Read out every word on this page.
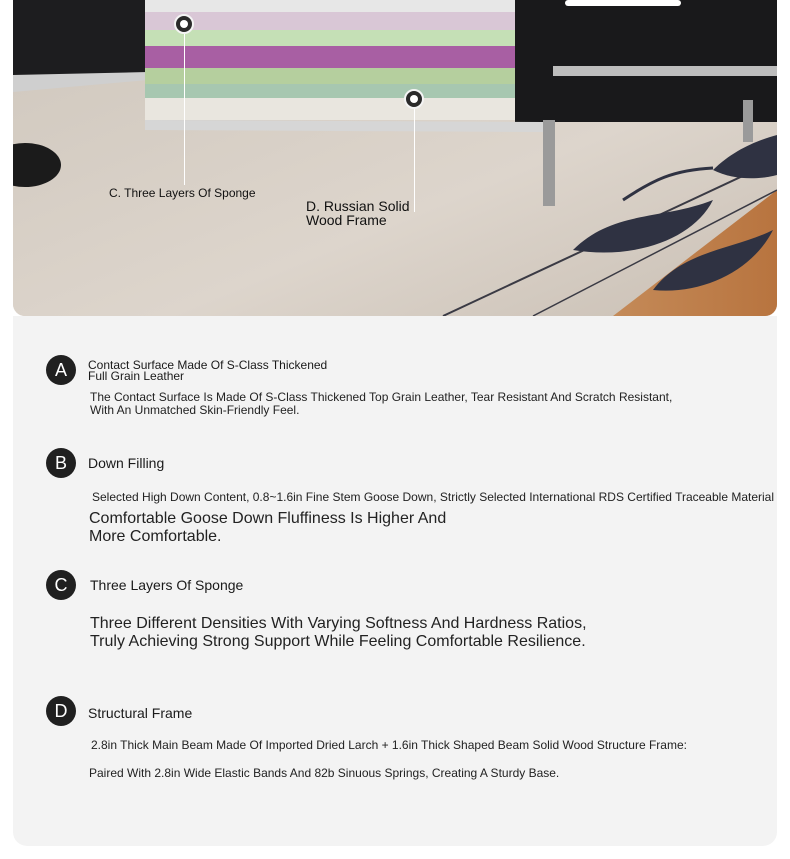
C. Three Layers Of Sponge
D. Russian Solid
Wood Frame
A	Contact Surface Made Of S-Class Thickened
Full Grain Leather
The Contact Surface Is Made Of S-Class Thickened Top Grain Leather, Tear Resistant And Scratch Resistant,
With An Unmatched Skin-Friendly Feel.
B	Down Filling
Selected High Down Content, 0.8~1.6in Fine Stem Goose Down, Strictly Selected International RDS Certified Traceable Material
Comfortable Goose Down Fluffiness Is Higher And
More Comfortable.
C	Three Layers Of Sponge
Three Different Densities With Varying Softness And Hardness Ratios,
Truly Achieving Strong Support While Feeling Comfortable Resilience.
D	Structural Frame
2.8in Thick Main Beam Made Of Imported Dried Larch + 1.6in Thick Shaped Beam Solid Wood Structure Frame:
Paired With 2.8in Wide Elastic Bands And 82b Sinuous Springs, Creating A Sturdy Base.
